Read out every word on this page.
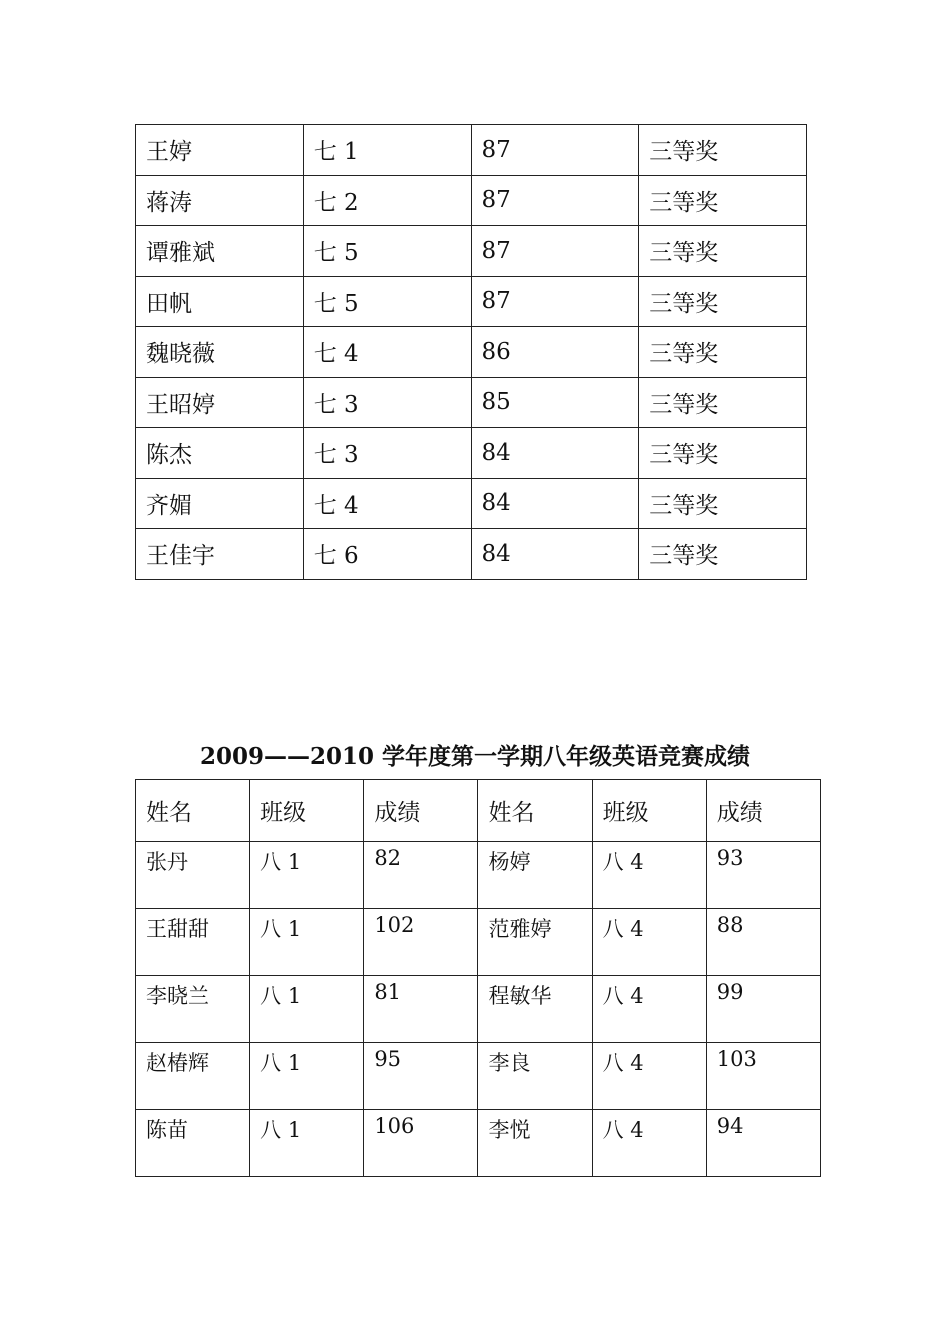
王婷	七 1	87	三等奖
蒋涛	七 2	87	三等奖
谭雅斌	七 5	87	三等奖
田帆	七 5	87	三等奖
魏晓薇	七 4	86	三等奖
王昭婷	七 3	85	三等奖
陈杰	七 3	84	三等奖
齐媚	七 4	84	三等奖
王佳宇	七 6	84	三等奖
2009——2010 学年度第一学期八年级英语竞赛成绩
姓名	班级	成绩	姓名	班级	成绩
张丹	八 1	82	杨婷	八 4	93
王甜甜	八 1	102	范雅婷	八 4	88
李晓兰	八 1	81	程敏华	八 4	99
赵椿辉	八 1	95	李良	八 4	103
陈苗	八 1	106	李悦	八 4	94
